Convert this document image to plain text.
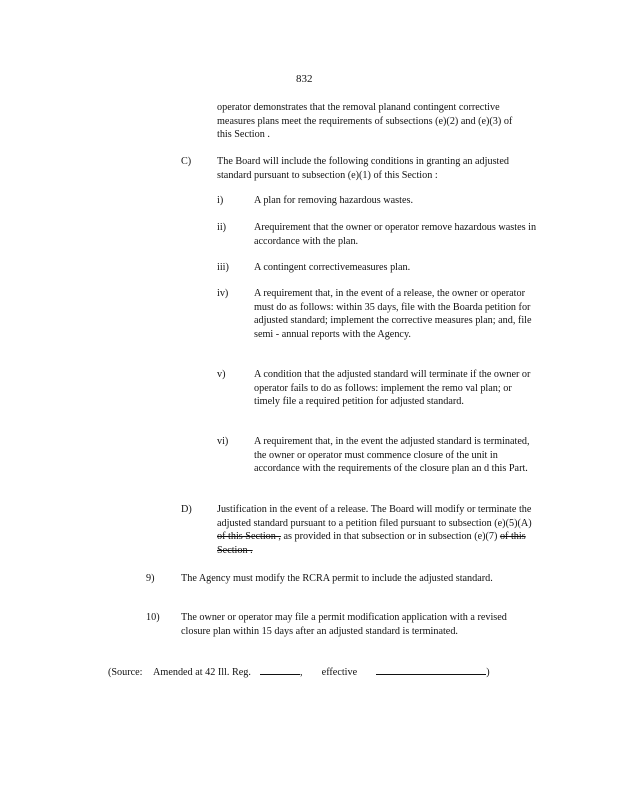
832
operator demonstrates that the removal planand contingent corrective measures plans meet the requirements of subsections (e)(2) and (e)(3) of this Section .
C)	The Board will include the following conditions in granting an adjusted standard pursuant to subsection (e)(1) of this Section :
i)	A plan for removing hazardous wastes.
ii)	Arequirement that the owner or operator remove hazardous wastes in accordance with the plan.
iii) A contingent correctivemeasures plan.
iv)	A requirement that, in the event of a release, the owner or operator must do as follows: within 35 days, file with the Boarda petition for adjusted standard; implement the corrective measures plan; and, file semi - annual reports with the Agency.
v)	A condition that the adjusted standard will terminate if the owner or operator fails to do as follows: implement the remo val plan; or timely file a required petition for adjusted standard.
vi)	A requirement that, in the event the adjusted standard is terminated, the owner or operator must commence closure of the unit in accordance with the requirements of the closure plan an d this Part.
D) Justification in the event of a release. The Board will modify or terminate the adjusted standard pursuant to a petition filed pursuant to subsection (e)(5)(A) of this Section , as provided in that subsection or in subsection (e)(7) of this Section .
9)	The Agency must modify the RCRA permit to include the adjusted standard.
10) The owner or operator may file a permit modification application with a revised closure plan within 15 days after an adjusted standard is terminated.
(Source: Amended at 42 Ill. Reg.	, effective	)
